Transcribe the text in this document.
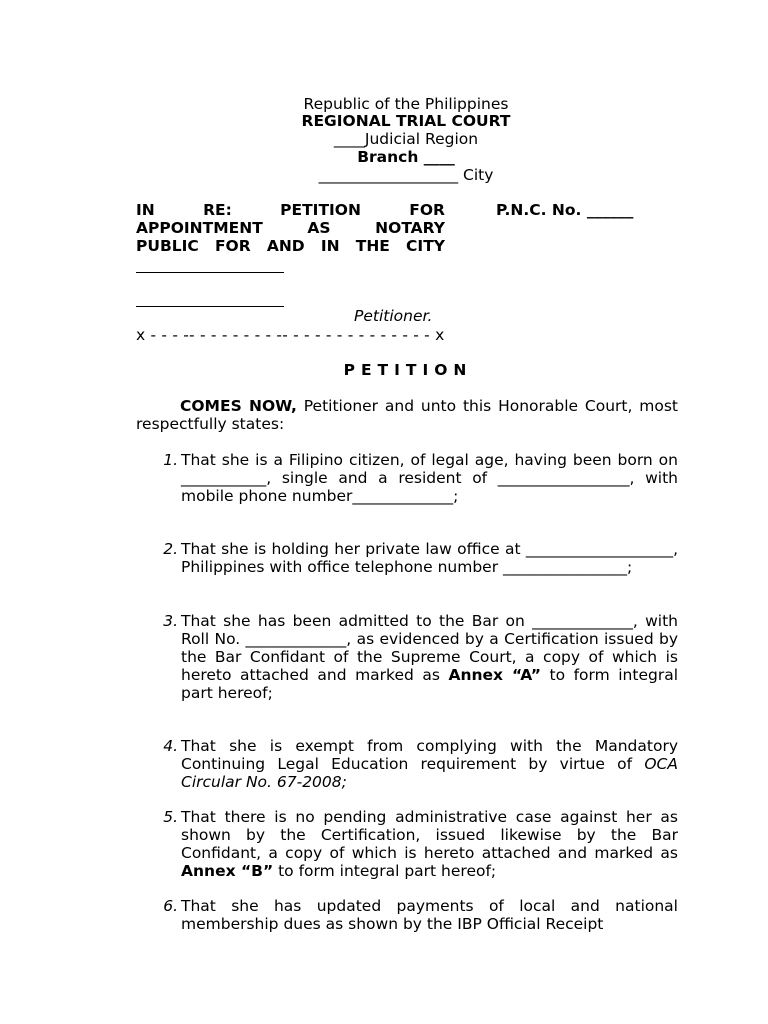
Republic of the Philippines
REGIONAL TRIAL COURT
____Judicial Region
Branch ____
__________________ City
IN RE: PETITION FOR
APPOINTMENT AS NOTARY
PUBLIC FOR AND IN THE CITY
P.N.C. No. ______
Petitioner.
x - - - -- - - - - - - - -- - - - - - - - - - - - - - x
PETITION
COMES NOW, Petitioner and unto this Honorable Court, most respectfully states:
1. That she is a Filipino citizen, of legal age, having been born on ___________, single and a resident of _________________, with mobile phone number_____________;
2. That she is holding her private law office at ___________________, Philippines with office telephone number ________________;
3. That she has been admitted to the Bar on _____________, with Roll No. _____________, as evidenced by a Certification issued by the Bar Confidant of the Supreme Court, a copy of which is hereto attached and marked as Annex “A” to form integral part hereof;
4. That she is exempt from complying with the Mandatory Continuing Legal Education requirement by virtue of OCA Circular No. 67-2008;
5. That there is no pending administrative case against her as shown by the Certification, issued likewise by the Bar Confidant, a copy of which is hereto attached and marked as Annex “B” to form integral part hereof;
6. That she has updated payments of local and national membership dues as shown by the IBP Official Receipt
